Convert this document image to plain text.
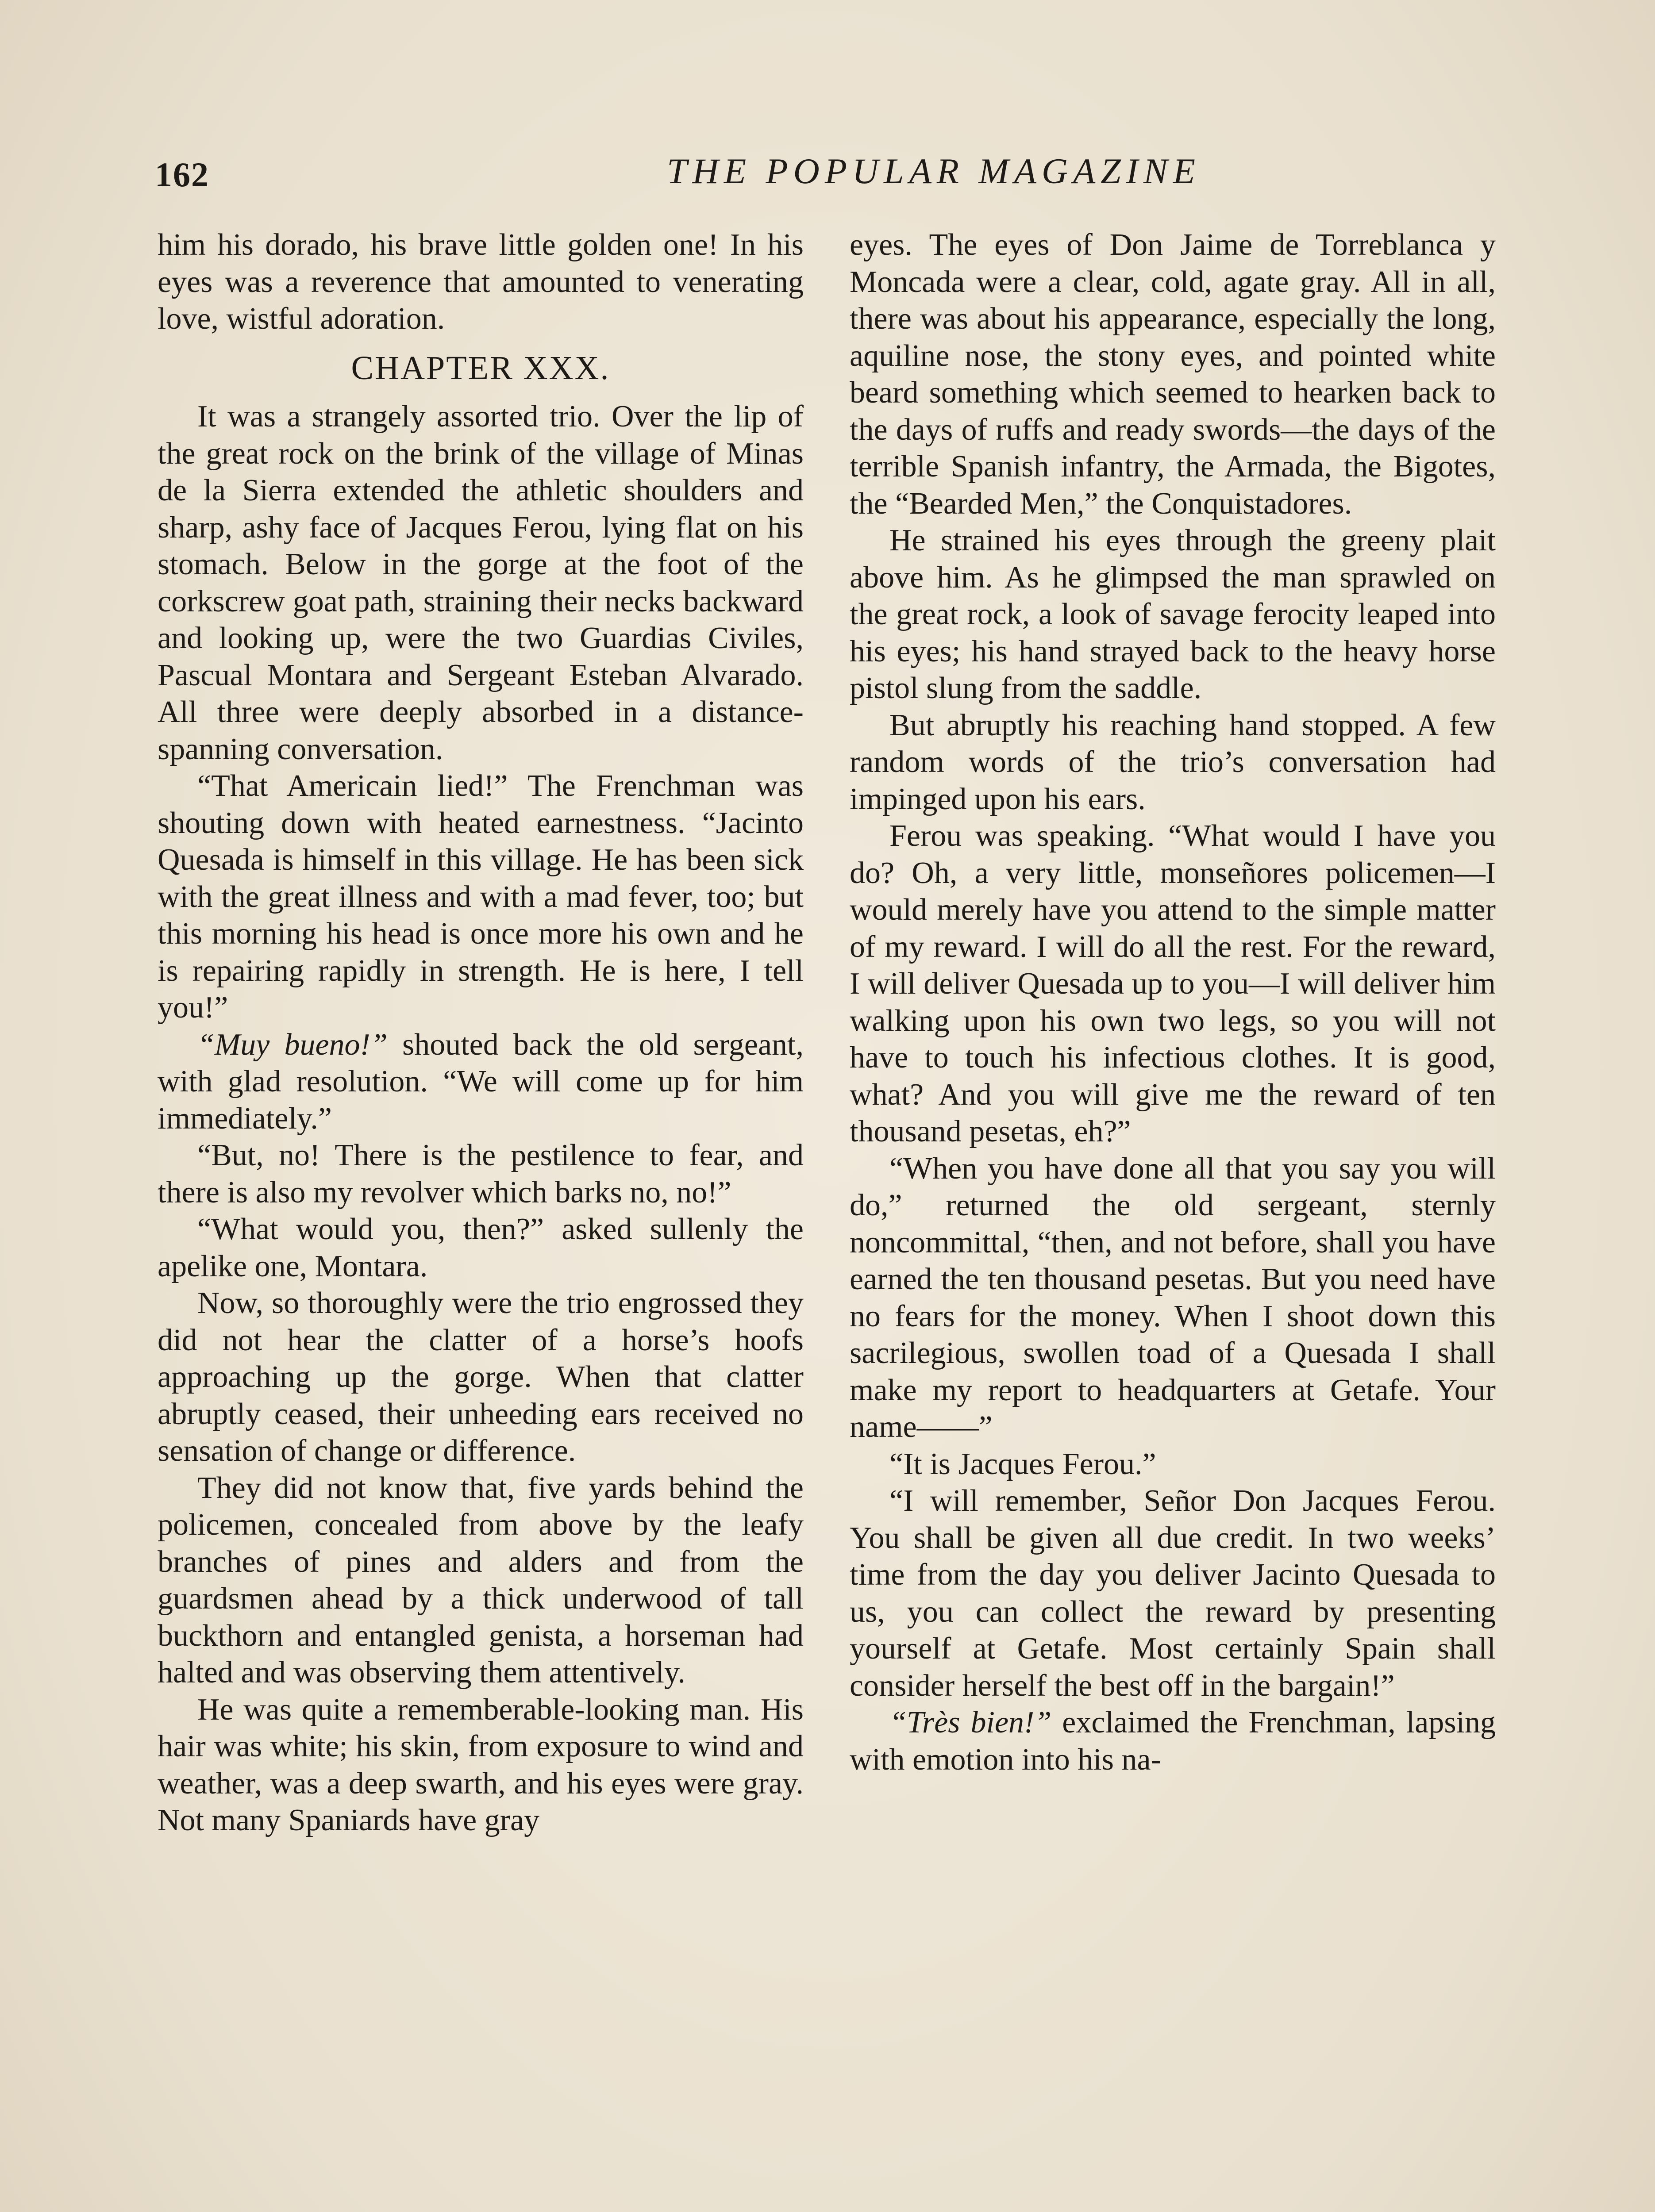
162	THE POPULAR MAGAZINE

him his dorado, his brave little golden one! In his eyes was a reverence that amounted to venerating love, wistful adoration.

CHAPTER XXX.

It was a strangely assorted trio. Over the lip of the great rock on the brink of the village of Minas de la Sierra extended the athletic shoulders and sharp, ashy face of Jacques Ferou, lying flat on his stomach. Below in the gorge at the foot of the corkscrew goat path, straining their necks backward and looking up, were the two Guardias Civiles, Pascual Montara and Sergeant Esteban Alvarado. All three were deeply absorbed in a distance-spanning conversation.

“That Americain lied!” The Frenchman was shouting down with heated earnestness. “Jacinto Quesada is himself in this village. He has been sick with the great illness and with a mad fever, too; but this morning his head is once more his own and he is repairing rapidly in strength. He is here, I tell you!”

“Muy bueno!” shouted back the old sergeant, with glad resolution. “We will come up for him immediately.”

“But, no! There is the pestilence to fear, and there is also my revolver which barks no, no!”

“What would you, then?” asked sullenly the apelike one, Montara.

Now, so thoroughly were the trio engrossed they did not hear the clatter of a horse’s hoofs approaching up the gorge. When that clatter abruptly ceased, their unheeding ears received no sensation of change or difference.

They did not know that, five yards behind the policemen, concealed from above by the leafy branches of pines and alders and from the guardsmen ahead by a thick underwood of tall buckthorn and entangled genista, a horseman had halted and was observing them attentively.

He was quite a rememberable-looking man. His hair was white; his skin, from exposure to wind and weather, was a deep swarth, and his eyes were gray. Not many Spaniards have gray

eyes. The eyes of Don Jaime de Torreblanca y Moncada were a clear, cold, agate gray. All in all, there was about his appearance, especially the long, aquiline nose, the stony eyes, and pointed white beard something which seemed to hearken back to the days of ruffs and ready swords—the days of the terrible Spanish infantry, the Armada, the Bigotes, the “Bearded Men,” the Conquistadores.

He strained his eyes through the greeny plait above him. As he glimpsed the man sprawled on the great rock, a look of savage ferocity leaped into his eyes; his hand strayed back to the heavy horse pistol slung from the saddle.

But abruptly his reaching hand stopped. A few random words of the trio’s conversation had impinged upon his ears.

Ferou was speaking. “What would I have you do? Oh, a very little, monseñores policemen—I would merely have you attend to the simple matter of my reward. I will do all the rest. For the reward, I will deliver Quesada up to you—I will deliver him walking upon his own two legs, so you will not have to touch his infectious clothes. It is good, what? And you will give me the reward of ten thousand pesetas, eh?”

“When you have done all that you say you will do,” returned the old sergeant, sternly noncommittal, “then, and not before, shall you have earned the ten thousand pesetas. But you need have no fears for the money. When I shoot down this sacrilegious, swollen toad of a Quesada I shall make my report to headquarters at Getafe. Your name——”

“It is Jacques Ferou.”

“I will remember, Señor Don Jacques Ferou. You shall be given all due credit. In two weeks’ time from the day you deliver Jacinto Quesada to us, you can collect the reward by presenting yourself at Getafe. Most certainly Spain shall consider herself the best off in the bargain!”

“Très bien!” exclaimed the Frenchman, lapsing with emotion into his na-
